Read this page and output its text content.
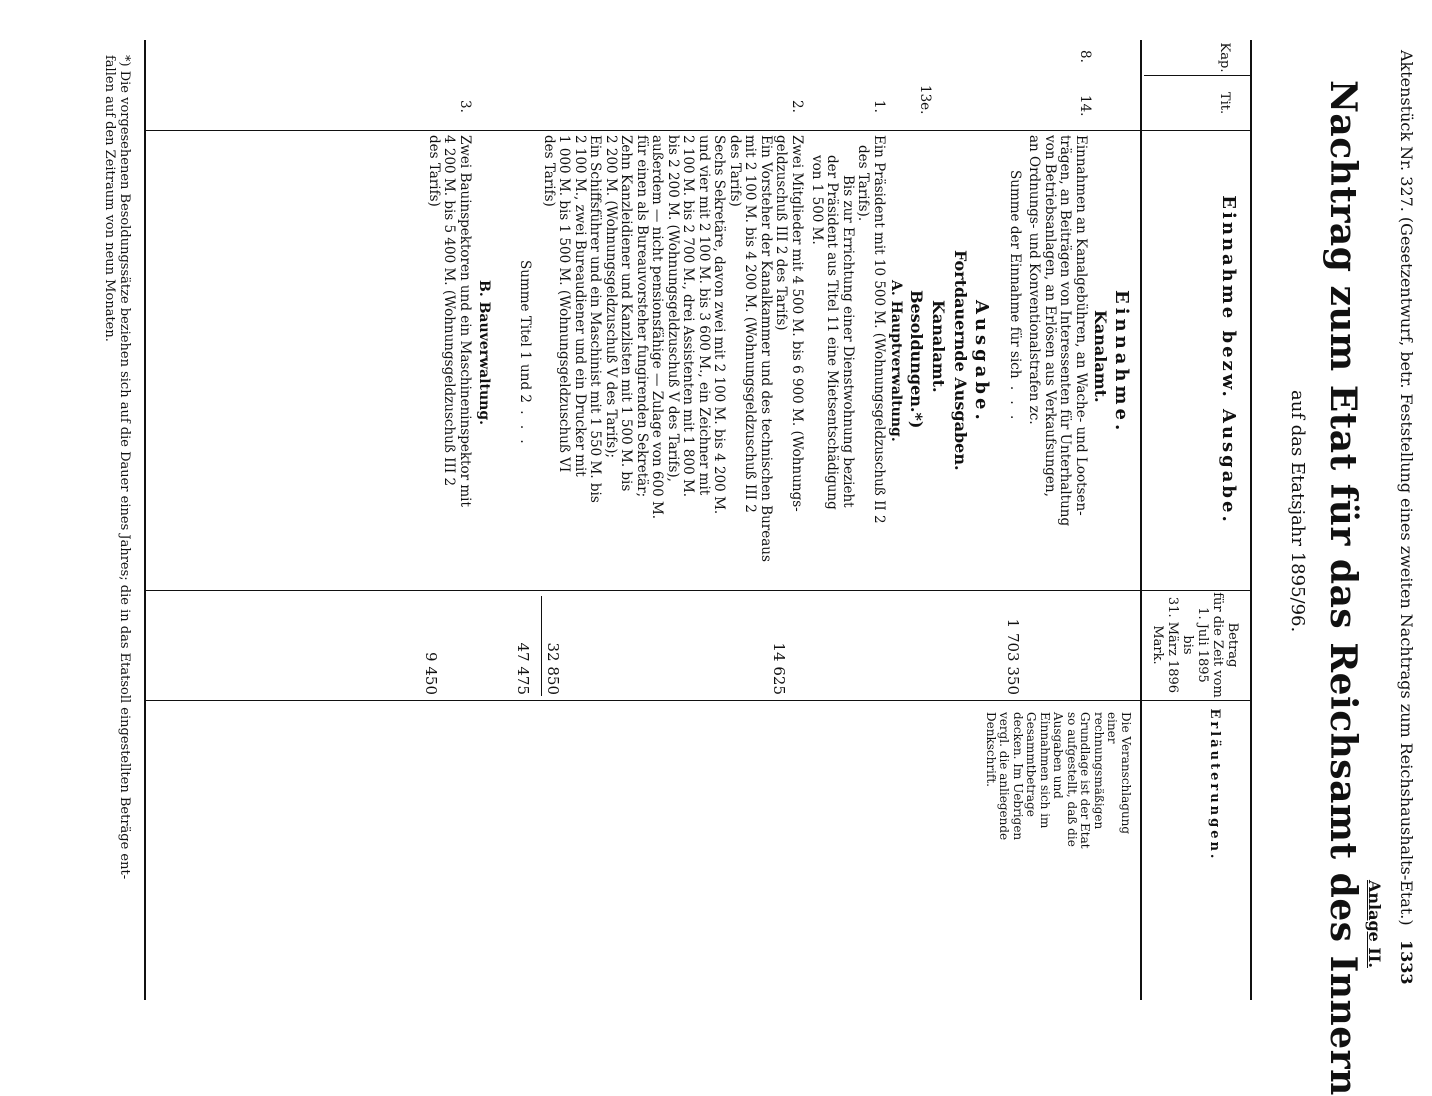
Aktenstück Nr. 327. (Gesetzentwurf, betr. Feststellung eines zweiten Nachtrags zum Reichshaushalts-Etat.)
1333
Anlage II.
Nachtrag zum Etat für das Reichsamt des Innern
auf das Etatsjahr 1895/96.
Kap.
Tit.
Einnahme bezw. Ausgabe.
Betrag
für die Zeit vom
1. Juli 1895
bis
31. März 1896
Mark.
Erläuterungen.
Einnahme.
Kanalamt.
8.
14.
Einnahmen an Kanalgebühren, an Wache- und Lootsen-
trägen, an Beiträgen von Interessenten für Unterhaltung
von Betriebsanlagen, an Erlösen aus Verkaufsungen,
an Ordnungs- und Konventionalstrafen zc.
Summe der Einnahme für sich . . .
1 703 350
Die Veranschlagung einer rechnungsmäßigen Grundlage ist der Etat so aufgestellt, daß die Ausgaben und Einnahmen sich im Gesammtbetrage decken. Im Uebrigen vergl. die anliegende Denkschrift.
Ausgabe.
Fortdauernde Ausgaben.
Kanalamt.
Besoldungen.*)
13e.
A. Hauptverwaltung.
1.
Ein Präsident mit 10 500 M. (Wohnungsgeldzuschuß II 2
des Tarifs).
Bis zur Errichtung einer Dienstwohnung bezieht
der Präsident aus Titel 11 eine Mietsentschädigung
von 1 500 M.
2.
Zwei Mitglieder mit 4 500 M. bis 6 900 M. (Wohnungs-
geldzuschuß III 2 des Tarifs)
Ein Vorsteher der Kanalkammer und des technischen Bureaus
mit 2 100 M. bis 4 200 M. (Wohnungsgeldzuschuß III 2
des Tarifs)
Sechs Sekretäre, davon zwei mit 2 100 M. bis 4 200 M.
und vier mit 2 100 M. bis 3 600 M., ein Zeichner mit
2 100 M. bis 2 700 M., drei Assistenten mit 1 800 M.
bis 2 200 M. (Wohnungsgeldzuschuß V des Tarifs),
außerdem — nicht pensionsfähige — Zulage von 600 M.
für einen als Bureauvorsteher fungirenden Sekretär;
Zehn Kanzleidiener und Kanzlisten mit 1 500 M. bis
2 200 M. (Wohnungsgeldzuschuß V des Tarifs);
Ein Schiffsführer und ein Maschinist mit 1 550 M. bis
2 100 M., zwei Bureaudiener und ein Drucker mit
1 000 M. bis 1 500 M. (Wohnungsgeldzuschuß VI
des Tarifs)
14 625
32 850
Summe Titel 1 und 2 . . .
47 475
B. Bauverwaltung.
3.
Zwei Bauinspektoren und ein Maschineninspektor mit
4 200 M. bis 5 400 M. (Wohnungsgeldzuschuß III 2
des Tarifs)
9 450
*) Die vorgesehenen Besoldungssätze beziehen sich auf die Dauer eines Jahres; die in das Etatsoll eingestellten Beträge ent-
fallen auf den Zeitraum von neun Monaten.
